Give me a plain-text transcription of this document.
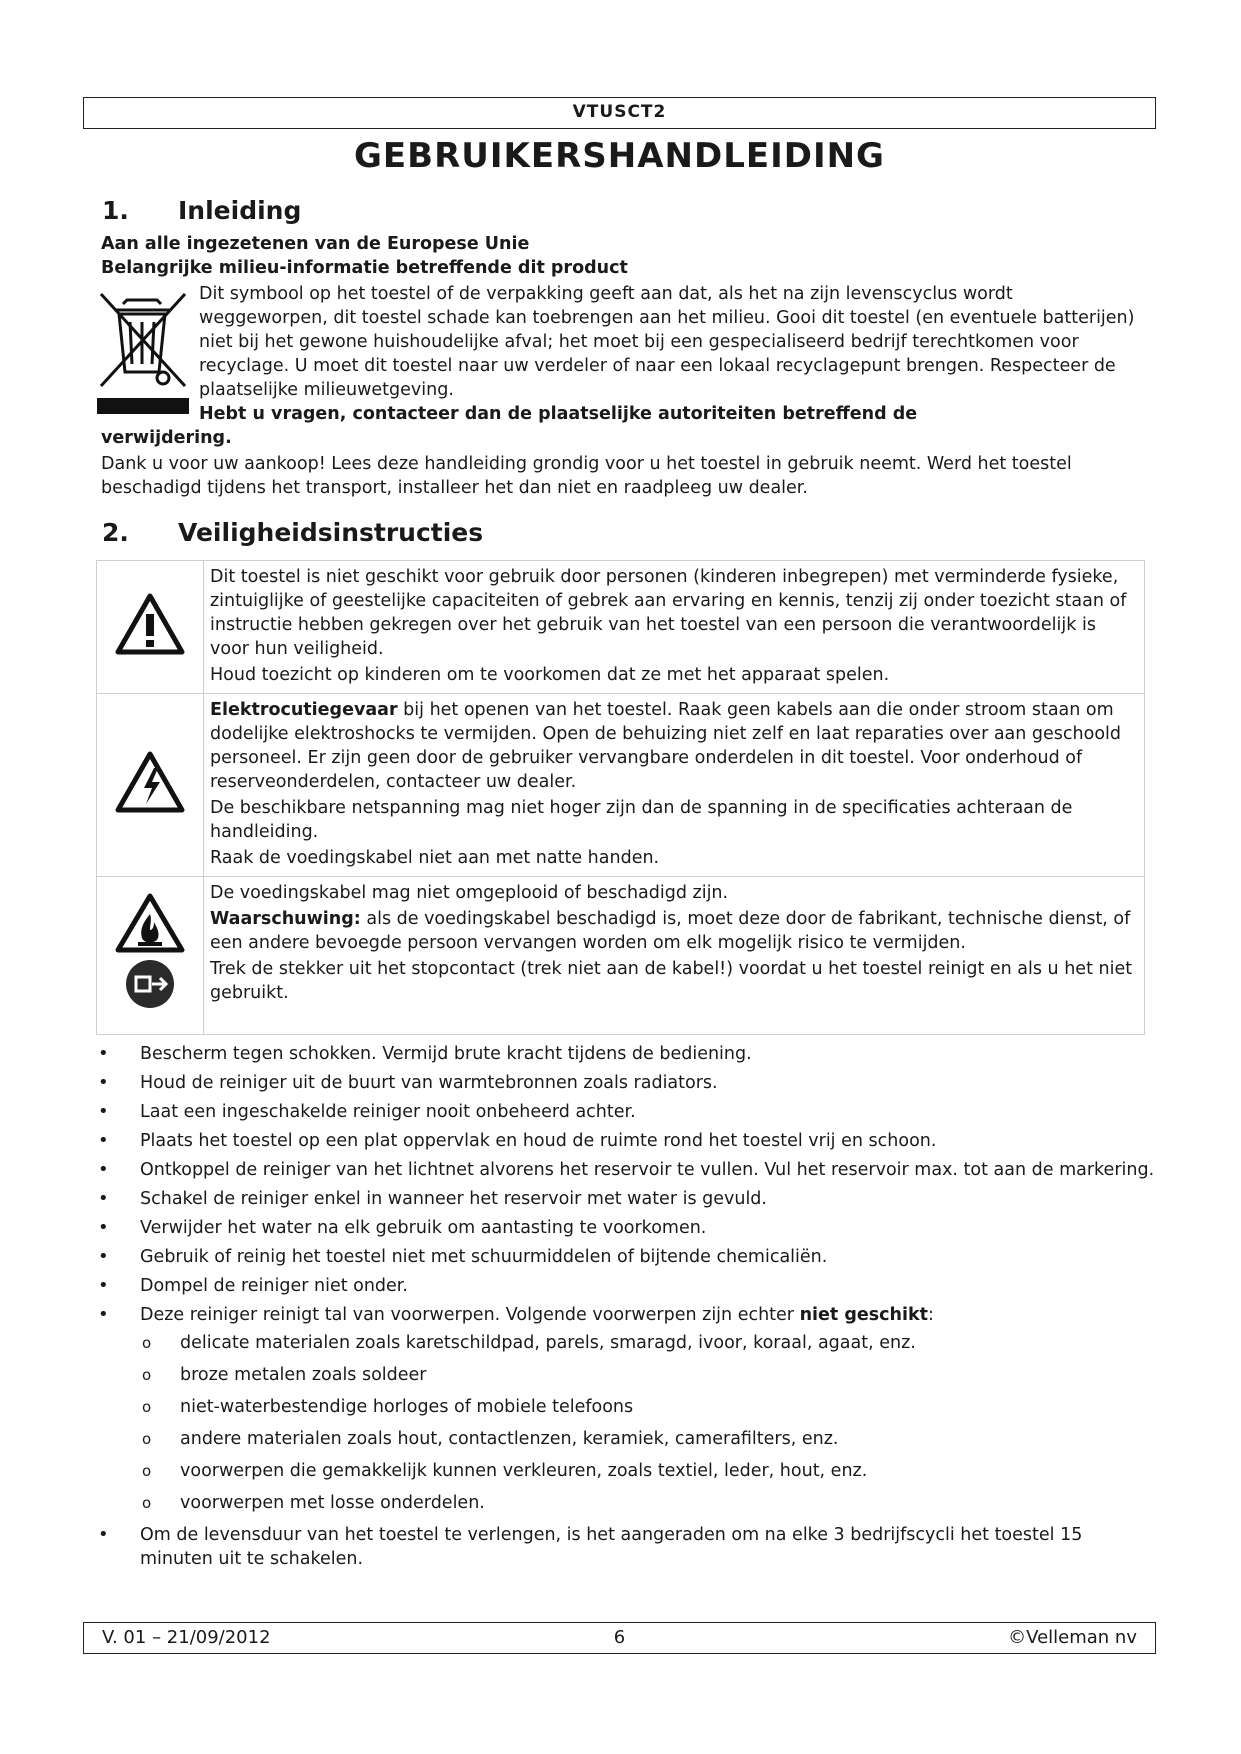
VTUSCT2
GEBRUIKERSHANDLEIDING
1. Inleiding
Aan alle ingezetenen van de Europese Unie
Belangrijke milieu-informatie betreffende dit product
Dit symbool op het toestel of de verpakking geeft aan dat, als het na zijn levenscyclus wordt weggeworpen, dit toestel schade kan toebrengen aan het milieu. Gooi dit toestel (en eventuele batterijen) niet bij het gewone huishoudelijke afval; het moet bij een gespecialiseerd bedrijf terechtkomen voor recyclage. U moet dit toestel naar uw verdeler of naar een lokaal recyclagepunt brengen. Respecteer de plaatselijke milieuwetgeving.
Hebt u vragen, contacteer dan de plaatselijke autoriteiten betreffend de
verwijdering.
Dank u voor uw aankoop! Lees deze handleiding grondig voor u het toestel in gebruik neemt. Werd het toestel beschadigd tijdens het transport, installeer het dan niet en raadpleeg uw dealer.
2. Veiligheidsinstructies

Dit toestel is niet geschikt voor gebruik door personen (kinderen inbegrepen) met verminderde fysieke, zintuiglijke of geestelijke capaciteiten of gebrek aan ervaring en kennis, tenzij zij onder toezicht staan of instructie hebben gekregen over het gebruik van het toestel van een persoon die verantwoordelijk is voor hun veiligheid.

Houd toezicht op kinderen om te voorkomen dat ze met het apparaat spelen.

Elektrocutiegevaar bij het openen van het toestel. Raak geen kabels aan die onder stroom staan om dodelijke elektroshocks te vermijden. Open de behuizing niet zelf en laat reparaties over aan geschoold personeel. Er zijn geen door de gebruiker vervangbare onderdelen in dit toestel. Voor onderhoud of reserveonderdelen, contacteer uw dealer.

De beschikbare netspanning mag niet hoger zijn dan de spanning in de specificaties achteraan de handleiding.

Raak de voedingskabel niet aan met natte handen.

De voedingskabel mag niet omgeplooid of beschadigd zijn.

Waarschuwing: als de voedingskabel beschadigd is, moet deze door de fabrikant, technische dienst, of een andere bevoegde persoon vervangen worden om elk mogelijk risico te vermijden.

Trek de stekker uit het stopcontact (trek niet aan de kabel!) voordat u het toestel reinigt en als u het niet gebruikt.

• Bescherm tegen schokken. Vermijd brute kracht tijdens de bediening.
• Houd de reiniger uit de buurt van warmtebronnen zoals radiators.
• Laat een ingeschakelde reiniger nooit onbeheerd achter.
• Plaats het toestel op een plat oppervlak en houd de ruimte rond het toestel vrij en schoon.
• Ontkoppel de reiniger van het lichtnet alvorens het reservoir te vullen. Vul het reservoir max. tot aan de markering.
• Schakel de reiniger enkel in wanneer het reservoir met water is gevuld.
• Verwijder het water na elk gebruik om aantasting te voorkomen.
• Gebruik of reinig het toestel niet met schuurmiddelen of bijtende chemicaliën.
• Dompel de reiniger niet onder.
• Deze reiniger reinigt tal van voorwerpen. Volgende voorwerpen zijn echter niet geschikt:
o delicate materialen zoals karetschildpad, parels, smaragd, ivoor, koraal, agaat, enz.
o broze metalen zoals soldeer
o niet-waterbestendige horloges of mobiele telefoons
o andere materialen zoals hout, contactlenzen, keramiek, camerafilters, enz.
o voorwerpen die gemakkelijk kunnen verkleuren, zoals textiel, leder, hout, enz.
o voorwerpen met losse onderdelen.
• Om de levensduur van het toestel te verlengen, is het aangeraden om na elke 3 bedrijfscycli het toestel 15 minuten uit te schakelen.
V. 01 – 21/09/2012	6	©Velleman nv
